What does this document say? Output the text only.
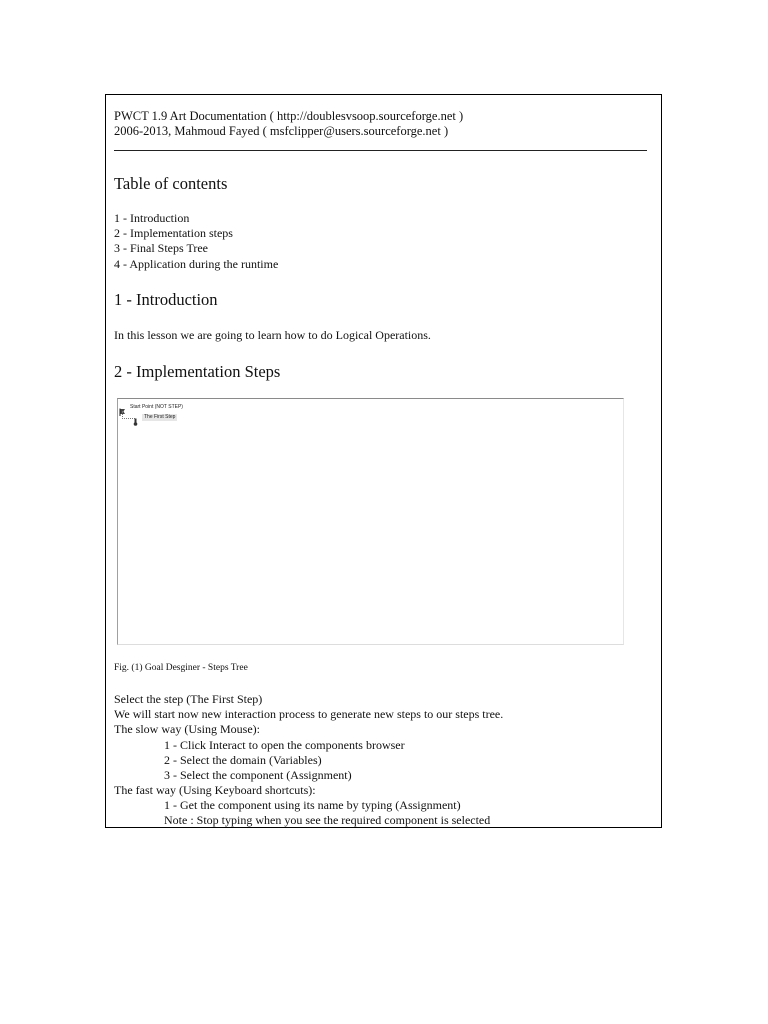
PWCT 1.9 Art Documentation ( http://doublesvsoop.sourceforge.net )
2006-2013, Mahmoud Fayed ( msfclipper@users.sourceforge.net )
Table of contents
1 - Introduction
2 - Implementation steps
3 - Final Steps Tree
4 - Application during the runtime
1 - Introduction
In this lesson we are going to learn how to do Logical Operations.
2 - Implementation Steps
Start Point (NOT STEP)
The First Step
Fig. (1) Goal Desginer - Steps Tree
Select the step (The First Step)
We will start now new interaction process to generate new steps to our steps tree.
The slow way (Using Mouse):
1 - Click Interact to open the components browser
2 - Select the domain (Variables)
3 - Select the component (Assignment)
The fast way (Using Keyboard shortcuts):
1 - Get the component using its name by typing (Assignment)
Note : Stop typing when you see the required component is selected
